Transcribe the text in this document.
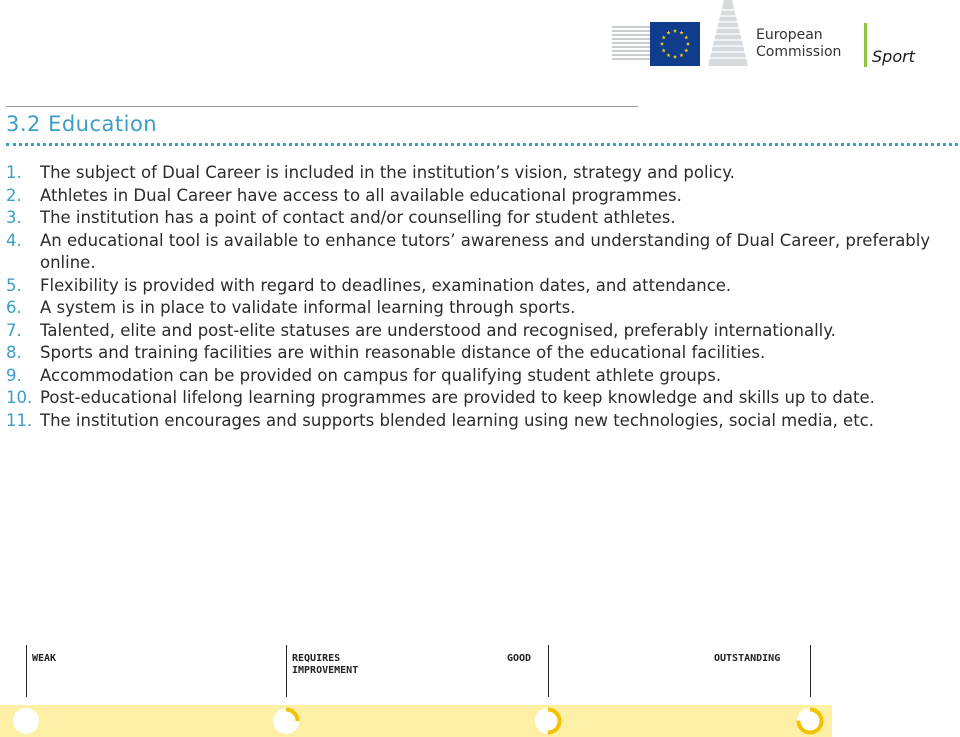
European
Commission	Sport
3.2 Education
1. The subject of Dual Career is included in the institution’s vision, strategy and policy.
2. Athletes in Dual Career have access to all available educational programmes.
3. The institution has a point of contact and/or counselling for student athletes.
4. An educational tool is available to enhance tutors’ awareness and understanding of Dual Career, preferably online.
5. Flexibility is provided with regard to deadlines, examination dates, and attendance.
6. A system is in place to validate informal learning through sports.
7. Talented, elite and post-elite statuses are understood and recognised, preferably internationally.
8. Sports and training facilities are within reasonable distance of the educational facilities.
9. Accommodation can be provided on campus for qualifying student athlete groups.
10. Post-educational lifelong learning programmes are provided to keep knowledge and skills up to date.
11. The institution encourages and supports blended learning using new technologies, social media, etc.
WEAK	REQUIRES
IMPROVEMENT
GOOD	OUTSTANDING
